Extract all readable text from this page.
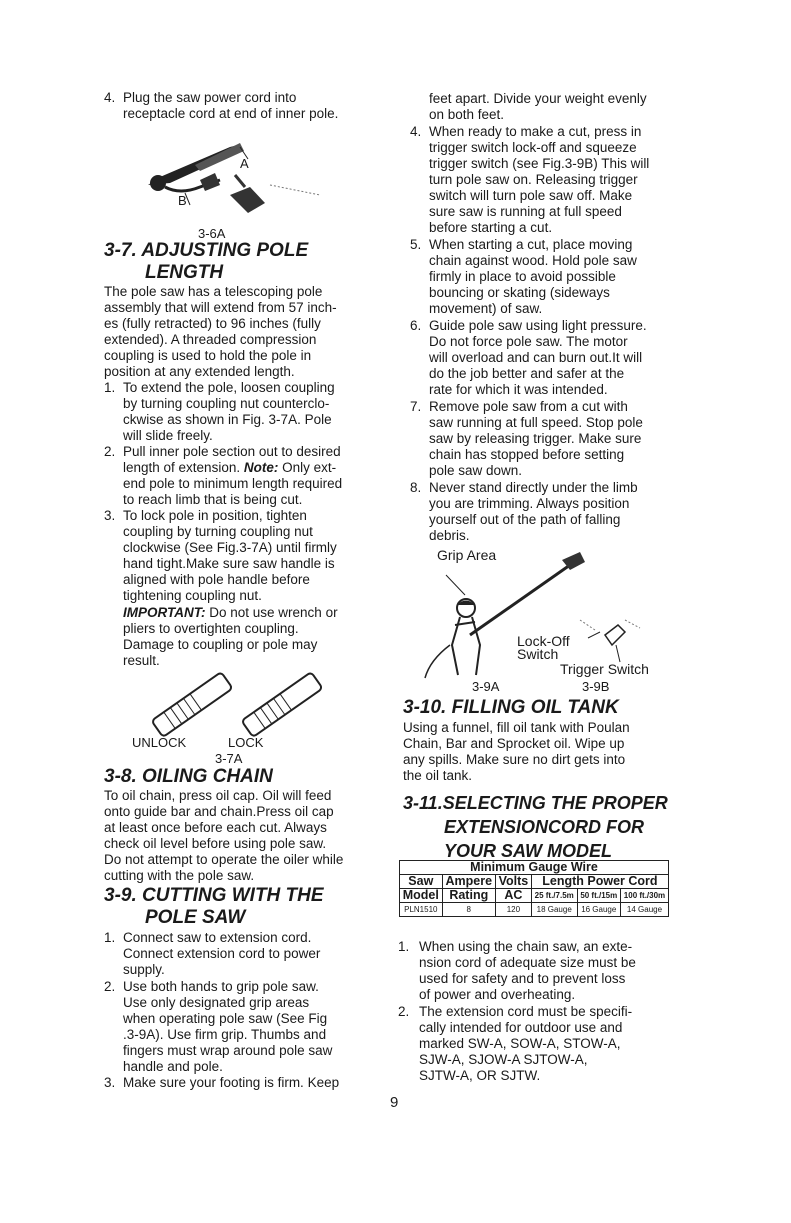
4. Plug the saw power cord into
receptacle cord at end of inner pole.
A
B
3-6A
3-7. ADJUSTING POLE
LENGTH
The pole saw has a telescoping pole
assembly that will extend from 57 inch-
es (fully retracted) to 96 inches (fully
extended). A threaded compression
coupling is used to hold the pole in
position at any extended length.
1. To extend the pole, loosen coupling
by turning coupling nut counterclo-
ckwise as shown in Fig. 3-7A. Pole
will slide freely.
2. Pull inner pole section out to desired
length of extension. Note: Only ext-
end pole to minimum length required
to reach limb that is being cut.
3. To lock pole in position, tighten
coupling by turning coupling nut
clockwise (See Fig.3-7A) until firmly
hand tight.Make sure saw handle is
aligned with pole handle before
tightening coupling nut.
IMPORTANT: Do not use wrench or
pliers to overtighten coupling.
Damage to coupling or pole may
result.
UNLOCK	LOCK
3-7A
3-8. OILING CHAIN
To oil chain, press oil cap. Oil will feed
onto guide bar and chain.Press oil cap
at least once before each cut. Always
check oil level before using pole saw.
Do not attempt to operate the oiler while
cutting with the pole saw.
3-9. CUTTING WITH THE
POLE SAW
1. Connect saw to extension cord.
Connect extension cord to power
supply.
2. Use both hands to grip pole saw.
Use only designated grip areas
when operating pole saw (See Fig
.3-9A). Use firm grip. Thumbs and
fingers must wrap around pole saw
handle and pole.
3. Make sure your footing is firm. Keep
feet apart. Divide your weight evenly
on both feet.
4. When ready to make a cut, press in
trigger switch lock-off and squeeze
trigger switch (see Fig.3-9B) This will
turn pole saw on. Releasing trigger
switch will turn pole saw off. Make
sure saw is running at full speed
before starting a cut.
5. When starting a cut, place moving
chain against wood. Hold pole saw
firmly in place to avoid possible
bouncing or skating (sideways
movement) of saw.
6. Guide pole saw using light pressure.
Do not force pole saw. The motor
will overload and can burn out.It will
do the job better and safer at the
rate for which it was intended.
7. Remove pole saw from a cut with
saw running at full speed. Stop pole
saw by releasing trigger. Make sure
chain has stopped before setting
pole saw down.
8. Never stand directly under the limb
you are trimming. Always position
yourself out of the path of falling
debris.
Grip Area
Lock-Off
Switch
Trigger Switch
3-9A	3-9B
3-10. FILLING OIL TANK
Using a funnel, fill oil tank with Poulan
Chain, Bar and Sprocket oil. Wipe up
any spills. Make sure no dirt gets into
the oil tank.
3-11.SELECTING THE PROPER
EXTENSIONCORD FOR
YOUR SAW MODEL
Minimum Gauge Wire					
Saw	Ampere	Volts	Length Power Cord		
Model	Rating	AC	25 ft./7.5m	50 ft./15m	100 ft./30m
PLN1510	8	120	18 Gauge	16 Gauge	14 Gauge
1. When using the chain saw, an exte-
nsion cord of adequate size must be
used for safety and to prevent loss
of power and overheating.
2. The extension cord must be specifi-
cally intended for outdoor use and
marked SW-A, SOW-A, STOW-A,
SJW-A, SJOW-A SJTOW-A,
SJTW-A, OR SJTW.
9
